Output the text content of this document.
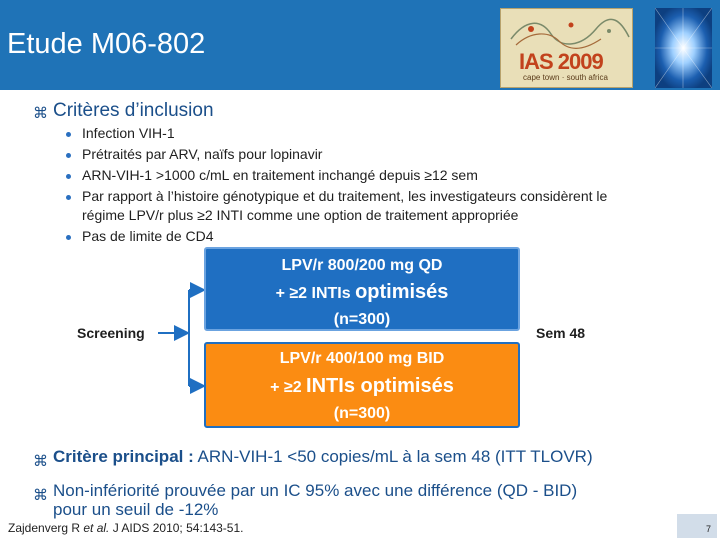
Etude M06-802
IAS 2009
cape town · south africa
⌘ Critères d’inclusion
Infection VIH-1
Prétraités par ARV, naïfs pour lopinavir
ARN-VIH-1 >1000 c/mL en traitement inchangé depuis ≥12 sem
Par rapport à l’histoire génotypique et du traitement, les investigateurs considèrent le
régime LPV/r plus ≥2 INTI comme une option de traitement appropriée
Pas de limite de CD4
Screening	Sem 48
LPV/r 800/200 mg QD
+ ≥2 INTIs optimisés
(n=300)
LPV/r 400/100 mg BID
+ ≥2 INTIs optimisés
(n=300)
⌘ Critère principal : ARN-VIH-1 <50 copies/mL à la sem 48 (ITT TLOVR)
⌘ Non-infériorité prouvée par un IC 95% avec une différence (QD - BID)
pour un seuil de -12%
Zajdenverg R et al. J AIDS 2010; 54:143-51.	7
